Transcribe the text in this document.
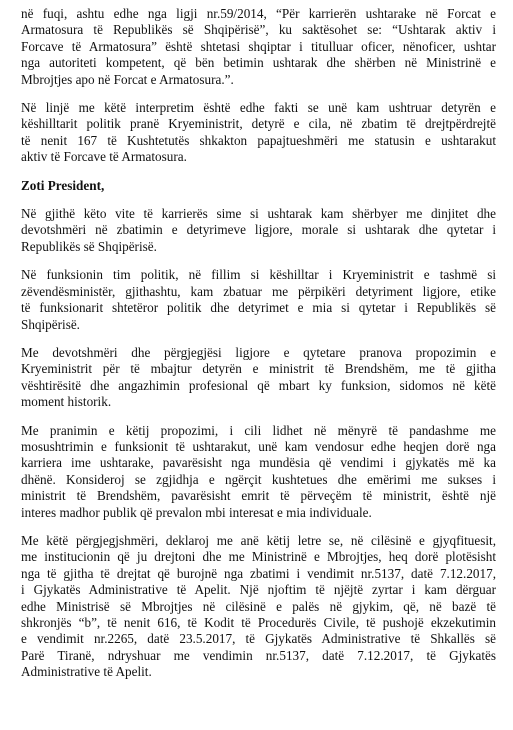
në fuqi, ashtu edhe nga ligji nr.59/2014, “Për karrierën ushtarake në Forcat e
Armatosura të Republikës së Shqipërisë”, ku saktësohet se: “Ushtarak aktiv i
Forcave të Armatosura” është shtetasi shqiptar i titulluar oficer, nënoficer, ushtar
nga autoriteti kompetent, që bën betimin ushtarak dhe shërben në Ministrinë e
Mbrojtjes apo në Forcat e Armatosura.”.
Në linjë me këtë interpretim është edhe fakti se unë kam ushtruar detyrën e
këshilltarit politik pranë Kryeministrit, detyrë e cila, në zbatim të drejtpërdrejtë
të nenit 167 të Kushtetutës shkakton papajtueshmëri me statusin e ushtarakut
aktiv të Forcave të Armatosura.
Zoti President,
Në gjithë këto vite të karrierës sime si ushtarak kam shërbyer me dinjitet dhe
devotshmëri në zbatimin e detyrimeve ligjore, morale si ushtarak dhe qytetar i
Republikës së Shqipërisë.
Në funksionin tim politik, në fillim si këshilltar i Kryeministrit e tashmë si
zëvendësministër, gjithashtu, kam zbatuar me përpikëri detyriment ligjore, etike
të funksionarit shtetëror politik dhe detyrimet e mia si qytetar i Republikës së
Shqipërisë.
Me devotshmëri dhe përgjegjësi ligjore e qytetare pranova propozimin e
Kryeministrit për të mbajtur detyrën e ministrit të Brendshëm, me të gjitha
vështirësitë dhe angazhimin profesional që mbart ky funksion, sidomos në këtë
moment historik.
Me pranimin e këtij propozimi, i cili lidhet në mënyrë të pandashme me
mosushtrimin e funksionit të ushtarakut, unë kam vendosur edhe heqjen dorë nga
karriera ime ushtarake, pavarësisht nga mundësia që vendimi i gjykatës më ka
dhënë. Konsideroj se zgjidhja e ngërçit kushtetues dhe emërimi me sukses i
ministrit të Brendshëm, pavarësisht emrit të përveçëm të ministrit, është një
interes madhor publik që prevalon mbi interesat e mia individuale.
Me këtë përgjegjshmëri, deklaroj me anë këtij letre se, në cilësinë e gjyqfituesit,
me institucionin që ju drejtoni dhe me Ministrinë e Mbrojtjes, heq dorë plotësisht
nga të gjitha të drejtat që burojnë nga zbatimi i vendimit nr.5137, datë 7.12.2017,
i Gjykatës Administrative të Apelit. Një njoftim të njëjtë zyrtar i kam dërguar
edhe Ministrisë së Mbrojtjes në cilësinë e palës në gjykim, që, në bazë të
shkronjës “b”, të nenit 616, të Kodit të Procedurës Civile, të pushojë ekzekutimin
e vendimit nr.2265, datë 23.5.2017, të Gjykatës Administrative të Shkallës së
Parë Tiranë, ndryshuar me vendimin nr.5137, datë 7.12.2017, të Gjykatës
Administrative të Apelit.
